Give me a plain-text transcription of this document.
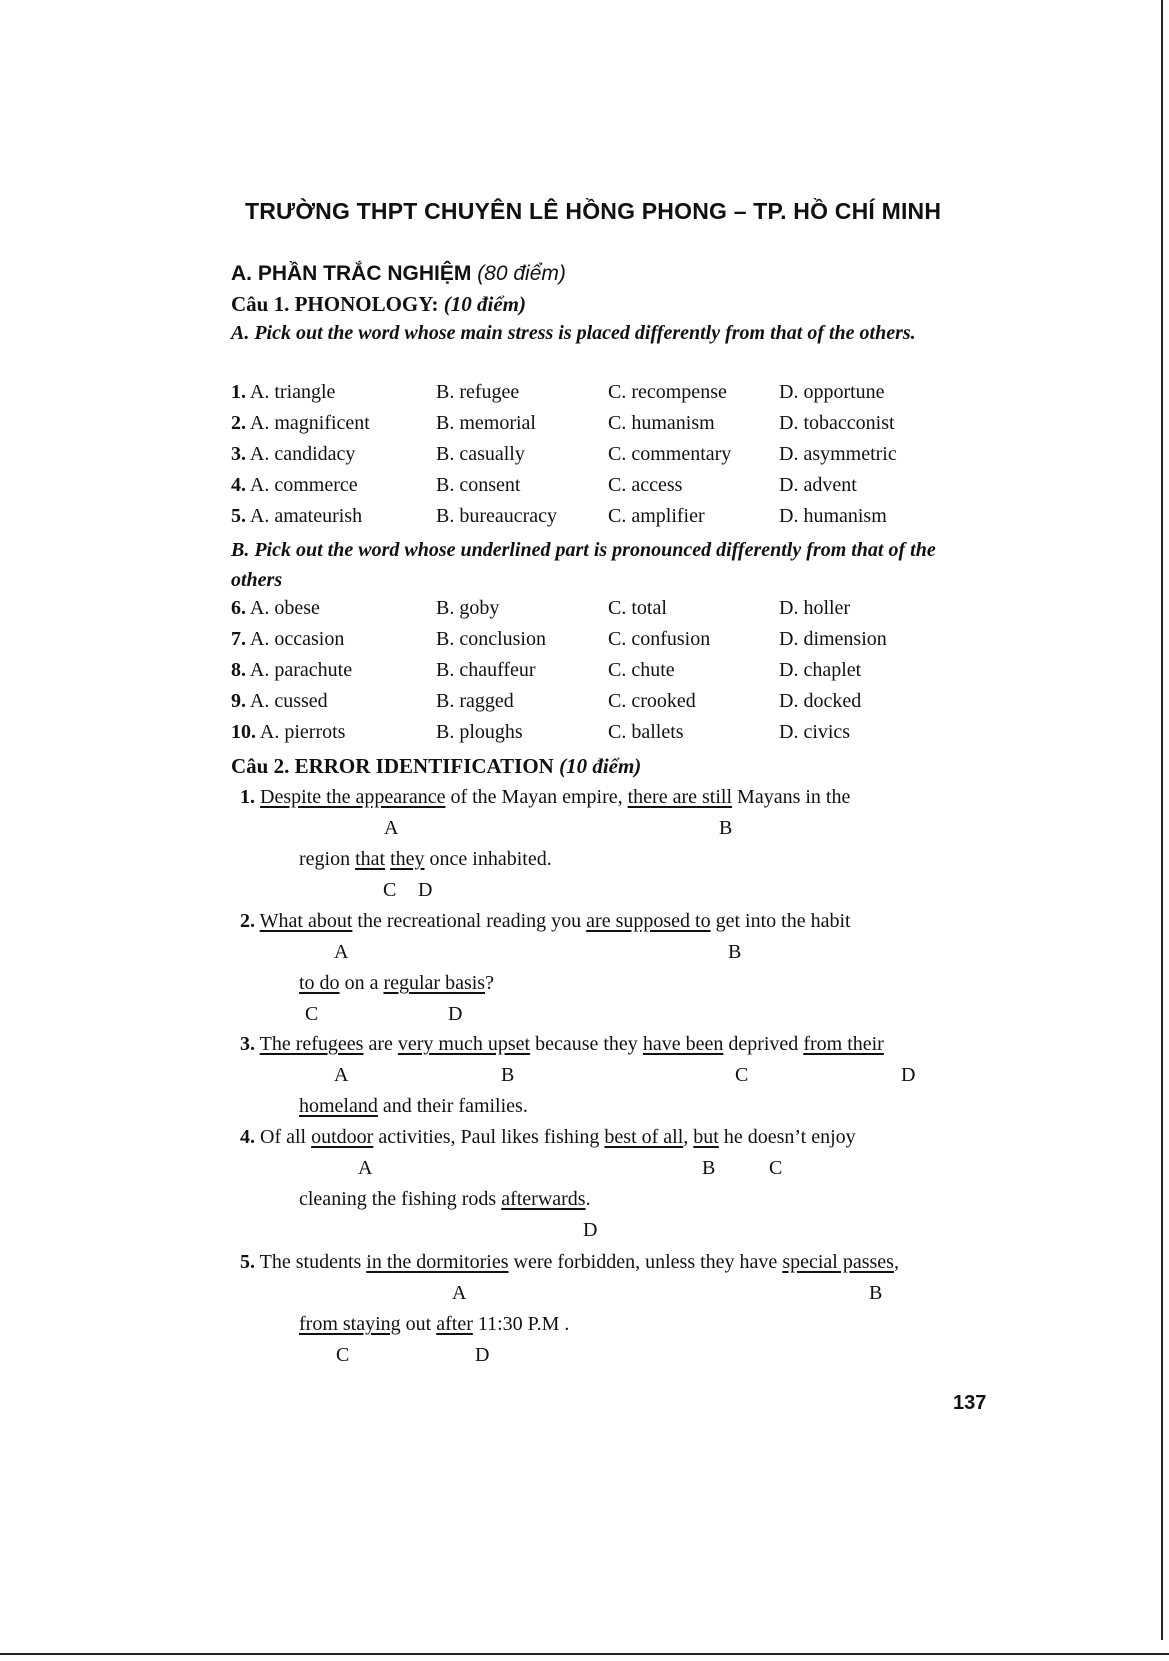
TRƯỜNG THPT CHUYÊN LÊ HỒNG PHONG – TP. HỒ CHÍ MINH
A. PHẦN TRẮC NGHIỆM (80 điểm)
Câu 1. PHONOLOGY: (10 điểm)
A. Pick out the word whose main stress is placed differently from that of the others.
1. A. triangle	B. refugee	C. recompense	D. opportune
2. A. magnificent	B. memorial	C. humanism	D. tobacconist
3. A. candidacy	B. casually	C. commentary D. asymmetric
4. A. commerce	B. consent	C. access	D. advent
5. A. amateurish	B. bureaucracy	C. amplifier	D. humanism
B. Pick out the word whose underlined part is pronounced differently from that of the others
6. A. obese	B. goby	C. total	D. holler
7. A. occasion	B. conclusion	C. confusion	D. dimension
8. A. parachute	B. chauffeur	C. chute	D. chaplet
9. A. cussed	B. ragged	C. crooked	D. docked
10. A. pierrots	B. ploughs	C. ballets	D. civics
Câu 2. ERROR IDENTIFICATION (10 điểm)
1. Despite the appearance of the Mayan empire, there are still Mayans in the
A	B
region that they once inhabited.
C D
2. What about the recreational reading you are supposed to get into the habit
A	B
to do on a regular basis?
C	D
3. The refugees are very much upset because they have been deprived from their
A	B	C	D
homeland and their families.
4. Of all outdoor activities, Paul likes fishing best of all, but he doesn’t enjoy
A	B	C
cleaning the fishing rods afterwards.
D
5. The students in the dormitories were forbidden, unless they have special passes,
A	B
from staying out after 11:30 P.M .
C	D
137
